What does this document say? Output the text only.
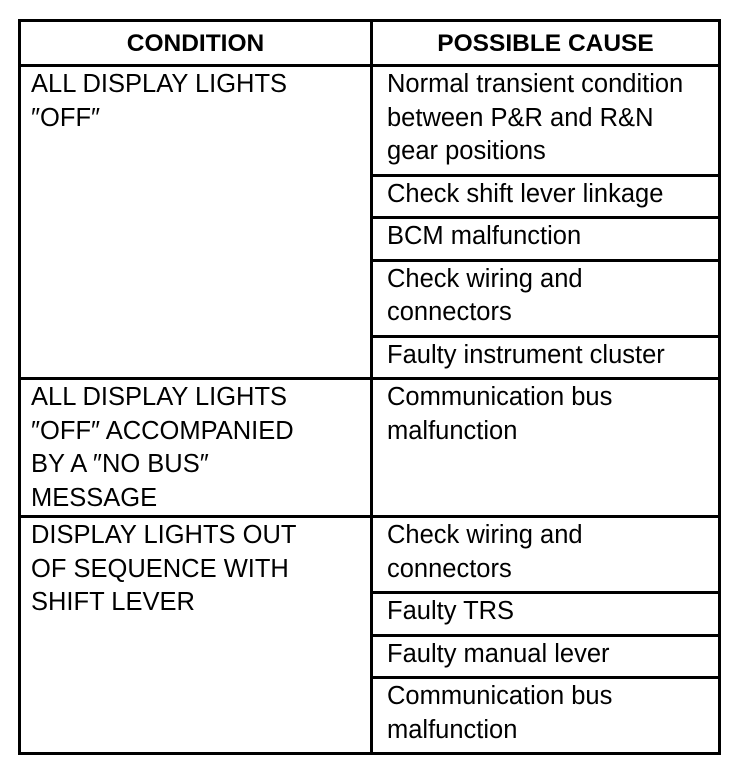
CONDITION	POSSIBLE CAUSE

ALL DISPLAY LIGHTS ″OFF″	Normal transient condition between P&R and R&N gear positions

	Check shift lever linkage

	BCM malfunction

	Check wiring and connectors

	Faulty instrument cluster

ALL DISPLAY LIGHTS ″OFF″ ACCOMPANIED BY A ″NO BUS″ MESSAGE	Communication bus malfunction

DISPLAY LIGHTS OUT OF SEQUENCE WITH SHIFT LEVER	Check wiring and connectors

	Faulty TRS

	Faulty manual lever

	Communication bus malfunction
